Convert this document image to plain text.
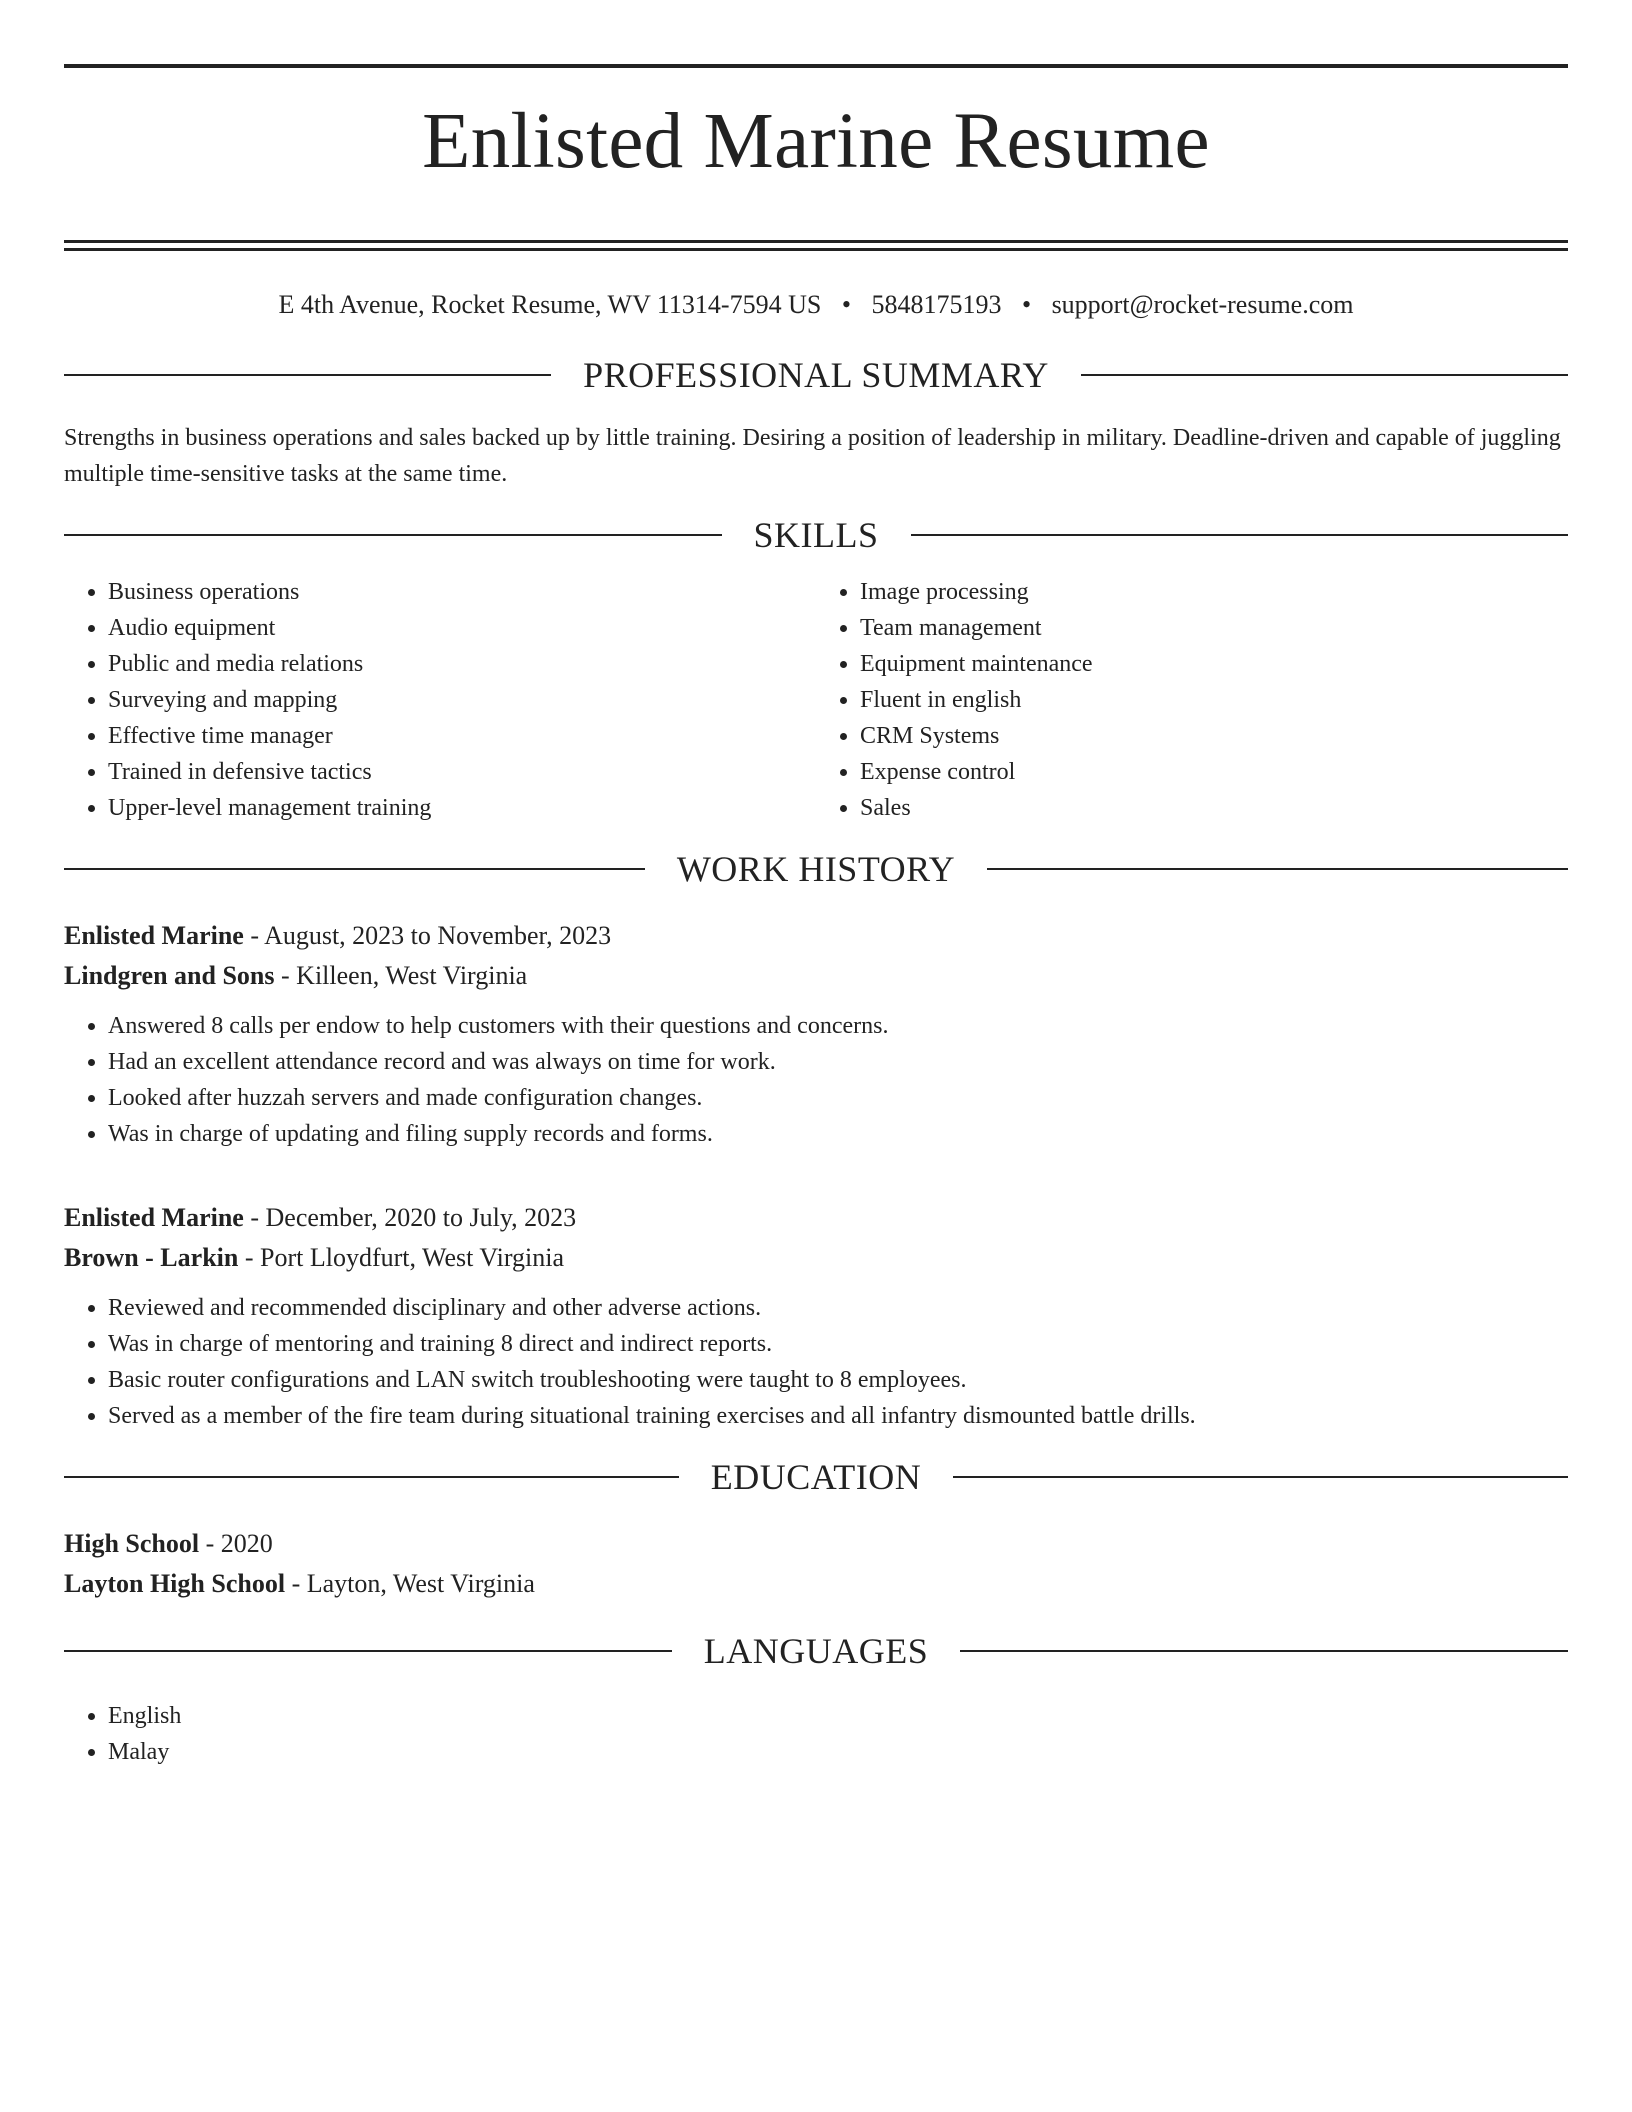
Enlisted Marine Resume
E 4th Avenue, Rocket Resume, WV 11314-7594 US • 5848175193 • support@rocket-resume.com
PROFESSIONAL SUMMARY
Strengths in business operations and sales backed up by little training. Desiring a position of leadership in military. Deadline-driven and capable of juggling multiple time-sensitive tasks at the same time.
SKILLS
• Business operations
• Audio equipment
• Public and media relations
• Surveying and mapping
• Effective time manager
• Trained in defensive tactics
• Upper-level management training
• Image processing
• Team management
• Equipment maintenance
• Fluent in english
• CRM Systems
• Expense control
• Sales
WORK HISTORY
Enlisted Marine - August, 2023 to November, 2023
Lindgren and Sons - Killeen, West Virginia
• Answered 8 calls per endow to help customers with their questions and concerns.
• Had an excellent attendance record and was always on time for work.
• Looked after huzzah servers and made configuration changes.
• Was in charge of updating and filing supply records and forms.
Enlisted Marine - December, 2020 to July, 2023
Brown - Larkin - Port Lloydfurt, West Virginia
• Reviewed and recommended disciplinary and other adverse actions.
• Was in charge of mentoring and training 8 direct and indirect reports.
• Basic router configurations and LAN switch troubleshooting were taught to 8 employees.
• Served as a member of the fire team during situational training exercises and all infantry dismounted battle drills.
EDUCATION
High School - 2020
Layton High School - Layton, West Virginia
LANGUAGES
• English
• Malay
